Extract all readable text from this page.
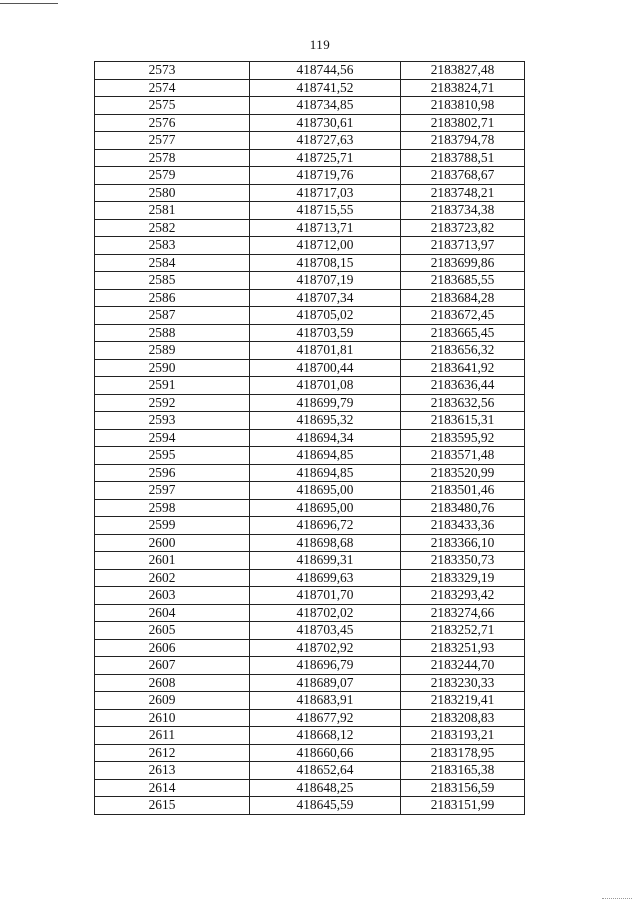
119
2573	418744,56	2183827,48
2574	418741,52	2183824,71
2575	418734,85	2183810,98
2576	418730,61	2183802,71
2577	418727,63	2183794,78
2578	418725,71	2183788,51
2579	418719,76	2183768,67
2580	418717,03	2183748,21
2581	418715,55	2183734,38
2582	418713,71	2183723,82
2583	418712,00	2183713,97
2584	418708,15	2183699,86
2585	418707,19	2183685,55
2586	418707,34	2183684,28
2587	418705,02	2183672,45
2588	418703,59	2183665,45
2589	418701,81	2183656,32
2590	418700,44	2183641,92
2591	418701,08	2183636,44
2592	418699,79	2183632,56
2593	418695,32	2183615,31
2594	418694,34	2183595,92
2595	418694,85	2183571,48
2596	418694,85	2183520,99
2597	418695,00	2183501,46
2598	418695,00	2183480,76
2599	418696,72	2183433,36
2600	418698,68	2183366,10
2601	418699,31	2183350,73
2602	418699,63	2183329,19
2603	418701,70	2183293,42
2604	418702,02	2183274,66
2605	418703,45	2183252,71
2606	418702,92	2183251,93
2607	418696,79	2183244,70
2608	418689,07	2183230,33
2609	418683,91	2183219,41
2610	418677,92	2183208,83
2611	418668,12	2183193,21
2612	418660,66	2183178,95
2613	418652,64	2183165,38
2614	418648,25	2183156,59
2615	418645,59	2183151,99
